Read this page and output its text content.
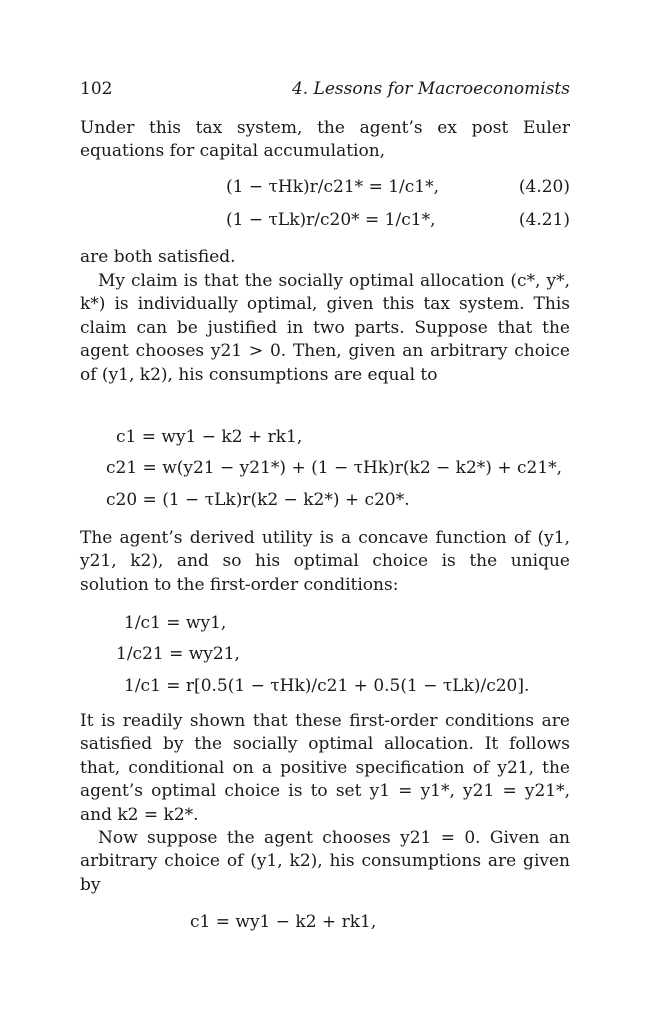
102	4. Lessons for Macroeconomists

Under this tax system, the agent’s ex post Euler equations for capital accumulation,

(1 − τHk)r/c21* = 1/c1*,	(4.20)
(1 − τLk)r/c20* = 1/c1*,	(4.21)

are both satisfied.

My claim is that the socially optimal allocation (c*, y*, k*) is individually optimal, given this tax system. This claim can be justified in two parts. Suppose that the agent chooses y21 > 0. Then, given an arbitrary choice of (y1, k2), his consumptions are equal to

c1 = wy1 − k2 + rk1,
c21 = w(y21 − y21*) + (1 − τHk)r(k2 − k2*) + c21*,
c20 = (1 − τLk)r(k2 − k2*) + c20*.

The agent’s derived utility is a concave function of (y1, y21, k2), and so his optimal choice is the unique solution to the first-order conditions:

1/c1 = wy1,
1/c21 = wy21,
1/c1 = r[0.5(1 − τHk)/c21 + 0.5(1 − τLk)/c20].

It is readily shown that these first-order conditions are satisfied by the socially optimal allocation. It follows that, conditional on a positive specification of y21, the agent’s optimal choice is to set y1 = y1*, y21 = y21*, and k2 = k2*.

Now suppose the agent chooses y21 = 0. Given an arbitrary choice of (y1, k2), his consumptions are given by

c1 = wy1 − k2 + rk1,
